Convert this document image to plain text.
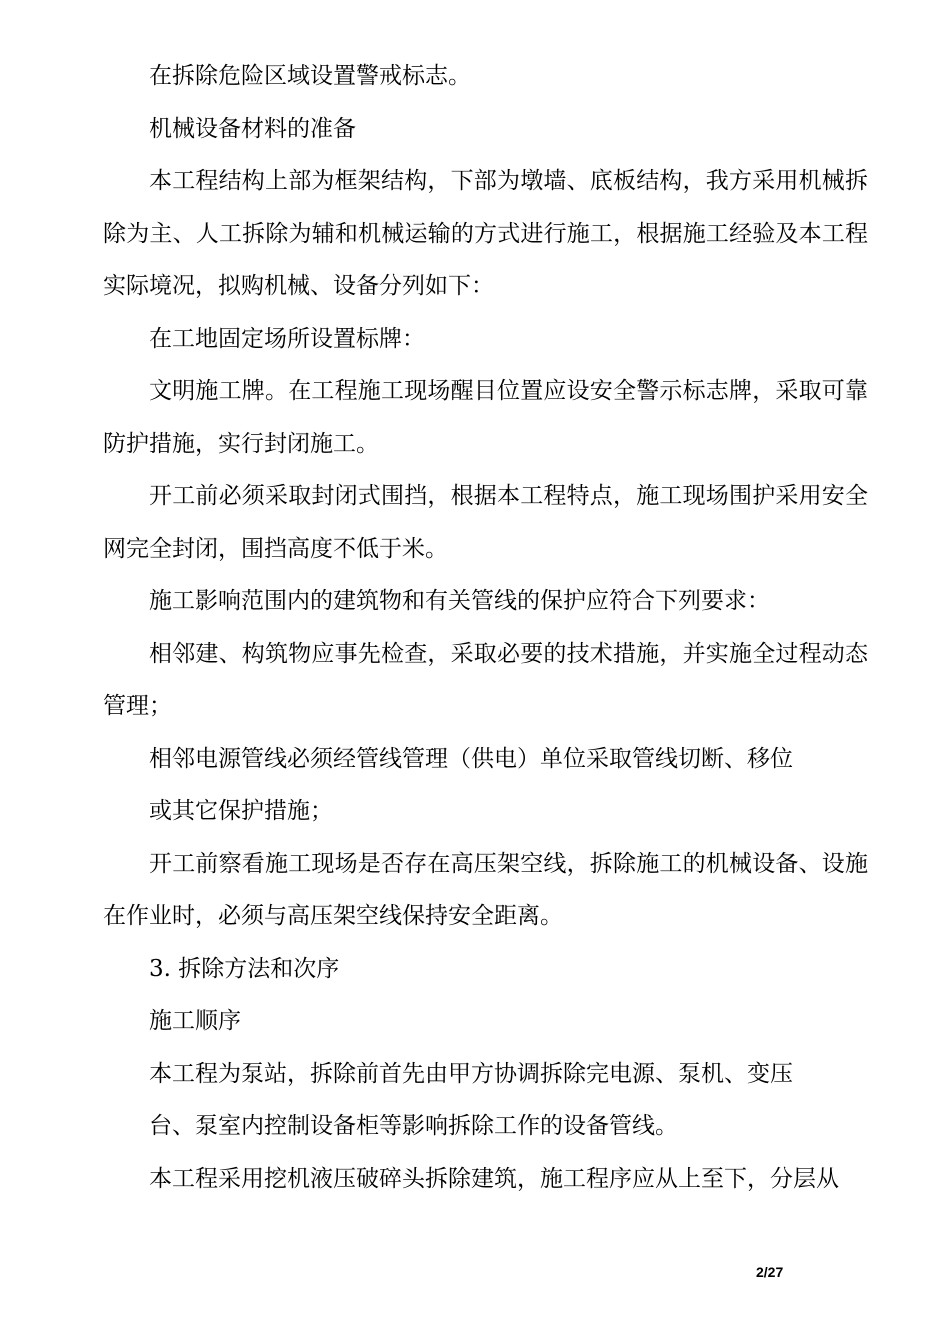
在拆除危险区域设置警戒标志。

机械设备材料的准备

本工程结构上部为框架结构，下部为墩墙、底板结构，我方采用机械拆除为主、人工拆除为辅和机械运输的方式进行施工，根据施工经验及本工程实际境况，拟购机械、设备分列如下：

在工地固定场所设置标牌：

文明施工牌。在工程施工现场醒目位置应设安全警示标志牌，采取可靠防护措施，实行封闭施工。

开工前必须采取封闭式围挡，根据本工程特点，施工现场围护采用安全网完全封闭，围挡高度不低于米。

施工影响范围内的建筑物和有关管线的保护应符合下列要求：

相邻建、构筑物应事先检查，采取必要的技术措施，并实施全过程动态管理；

相邻电源管线必须经管线管理（供电）单位采取管线切断、移位

或其它保护措施；

开工前察看施工现场是否存在高压架空线，拆除施工的机械设备、设施在作业时，必须与高压架空线保持安全距离。

3. 拆除方法和次序

施工顺序

本工程为泵站，拆除前首先由甲方协调拆除完电源、泵机、变压

台、泵室内控制设备柜等影响拆除工作的设备管线。

本工程采用挖机液压破碎头拆除建筑，施工程序应从上至下，分层从

2/27
